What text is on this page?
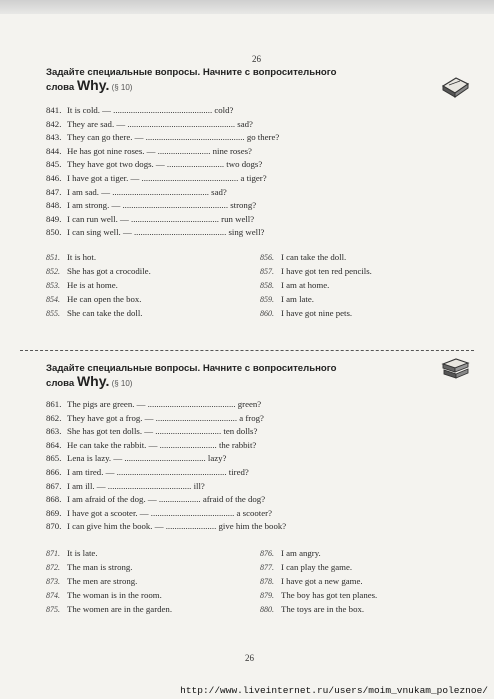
26
Задайте специальные вопросы. Начните с вопросительного
слова Why. (§ 10)
841. It is cold. — ............................................. cold?
842. They are sad. — ................................................. sad?
843. They can go there. — ............................................. go there?
844. He has got nine roses. — ........................ nine roses?
845. They have got two dogs. — .......................... two dogs?
846. I have got a tiger. — ............................................ a tiger?
847. I am sad. — ............................................ sad?
848. I am strong. — ................................................ strong?
849. I can run well. — ........................................ run well?
850. I can sing well. — .......................................... sing well?
851. It is hot.
852. She has got a crocodile.
853. He is at home.
854. He can open the box.
855. She can take the doll.
856. I can take the doll.
857. I have got ten red pencils.
858. I am at home.
859. I am late.
860. I have got nine pets.
Задайте специальные вопросы. Начните с вопросительного
слова Why. (§ 10)
861. The pigs are green. — ........................................ green?
862. They have got a frog. — ..................................... a frog?
863. She has got ten dolls. — .............................. ten dolls?
864. He can take the rabbit. — .......................... the rabbit?
865. Lena is lazy. — ..................................... lazy?
866. I am tired. — .................................................. tired?
867. I am ill. — ...................................... ill?
868. I am afraid of the dog. — ................... afraid of the dog?
869. I have got a scooter. — ...................................... a scooter?
870. I can give him the book. — ....................... give him the book?
871. It is late.
872. The man is strong.
873. The men are strong.
874. The woman is in the room.
875. The women are in the garden.
876. I am angry.
877. I can play the game.
878. I have got a new game.
879. The boy has got ten planes.
880. The toys are in the box.
26
http://www.liveinternet.ru/users/moim_vnukam_poleznoe/
